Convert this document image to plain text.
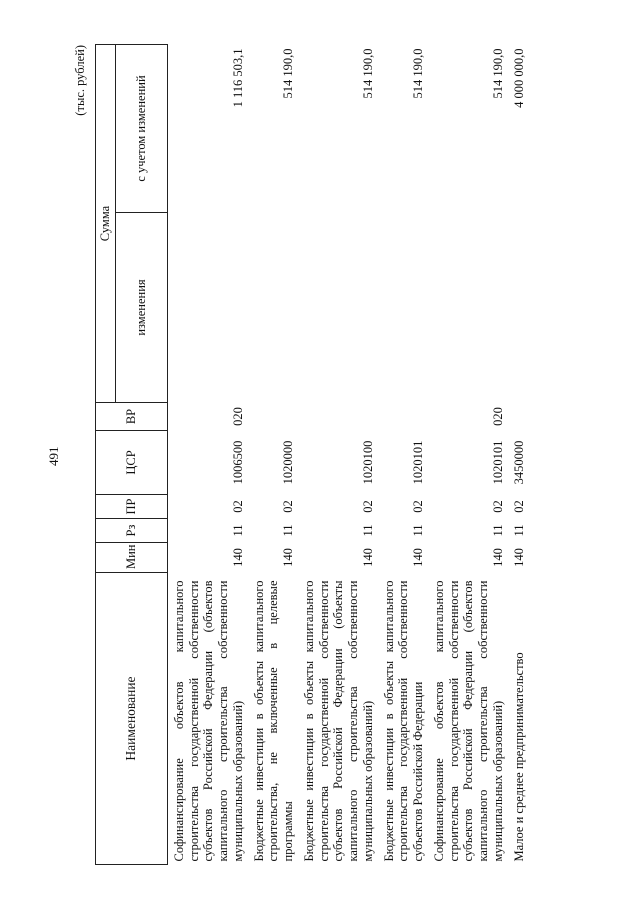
491
(тыс. рублей)
Наименование	Мин	Рз	ПР	ЦСР	ВР	Сумма	
						изменения	с учетом изменений
Софинансирование объектов капитального строительства государственной собственности субъектов Российской Федерации (объектов капитального строительства собственности муниципальных образований)	140	11	02	1006500	020		1 116 503,1
Бюджетные инвестиции в объекты капитального строительства, не включенные в целевые программы	140	11	02	1020000			514 190,0
Бюджетные инвестиции в объекты капитального строительства государственной собственности субъектов Российской Федерации (объекты капитального строительства собственности муниципальных образований)	140	11	02	1020100			514 190,0
Бюджетные инвестиции в объекты капитального строительства государственной собственности субъектов Российской Федерации	140	11	02	1020101			514 190,0
Софинансирование объектов капитального строительства государственной собственности субъектов Российской Федерации (объектов капитального строительства собственности муниципальных образований)	140	11	02	1020101	020		514 190,0
Малое и среднее предпринимательство	140	11	02	3450000			4 000 000,0
